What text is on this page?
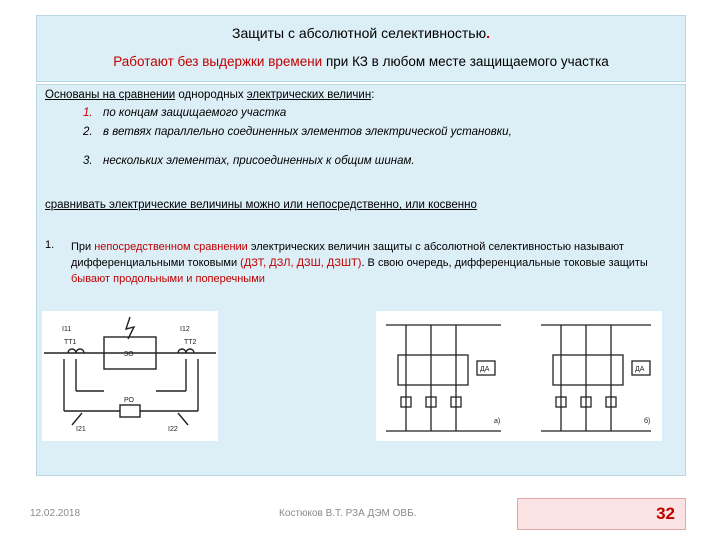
Защиты с абсолютной селективностью.
Работают без выдержки времени при КЗ в любом месте защищаемого участка
Основаны на сравнении однородных электрических величин:
1. по концам защищаемого участка
2. в ветвях параллельно соединенных элементов электрической установки,
3. нескольких элементах, присоединенных к общим шинам.
сравнивать электрические величины можно или непосредственно, или косвенно
1. При непосредственном сравнении электрических величин защиты с абсолютной селективностью называют дифференциальными токовыми (ДЗТ, ДЗЛ, ДЗШ, ДЗШТ). В свою очередь, дифференциальные токовые защиты бывают продольными и поперечными
I11	I12
ТТ1	ТТ2
ЗО
РО
I21	I22
ДА	ДА
а)	б)
12.02.2018	Костюков В.Т. РЗА ДЭМ ОВБ.	32
